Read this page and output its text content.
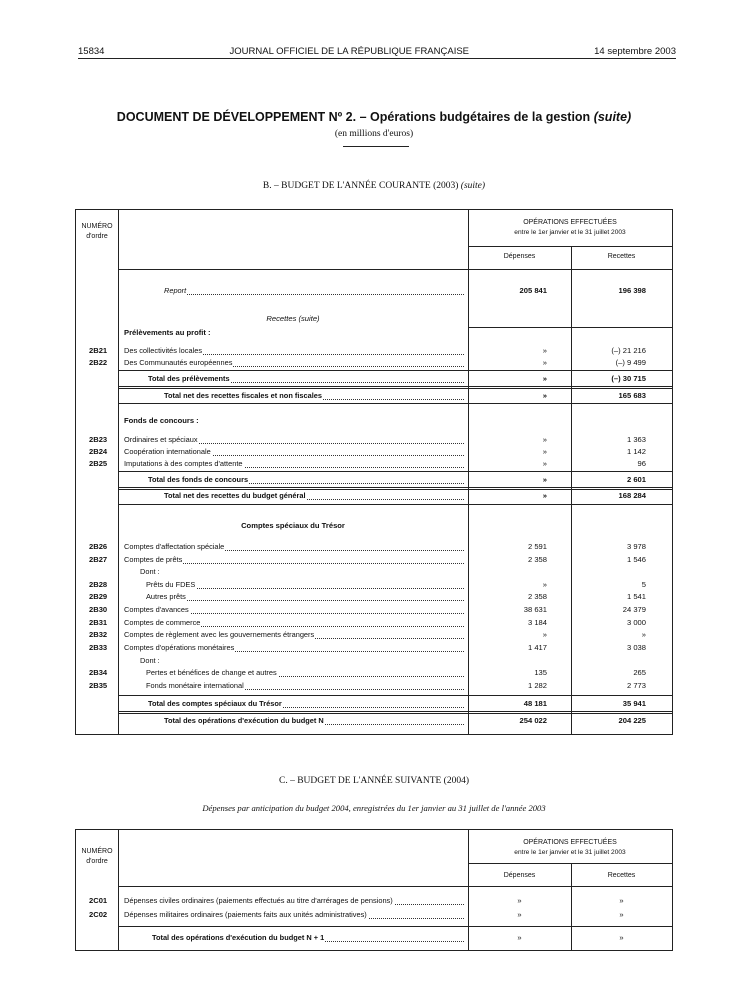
15834	JOURNAL OFFICIEL DE LA RÉPUBLIQUE FRANÇAISE	14 septembre 2003
DOCUMENT DE DÉVELOPPEMENT Nº 2. – Opérations budgétaires de la gestion (suite)
(en millions d'euros)
B. – BUDGET DE L'ANNÉE COURANTE (2003) (suite)
NUMÉRO
d'ordre
OPÉRATIONS EFFECTUÉES
entre le 1er janvier et le 31 juillet 2003
Dépenses	Recettes
Report	205 841	196 398
Recettes (suite)
Prélèvements au profit :
2B21 Des collectivités locales	»	(–) 21 216
2B22 Des Communautés européennes	»	(–) 9 499
Total des prélèvements	»	(–) 30 715
Total net des recettes fiscales et non fiscales	»	165 683
Fonds de concours :
2B23 Ordinaires et spéciaux	»	1 363
2B24 Coopération internationale	»	1 142
2B25 Imputations à des comptes d'attente	»	96
Total des fonds de concours	»	2 601
Total net des recettes du budget général	»	168 284
Comptes spéciaux du Trésor
2B26 Comptes d'affectation spéciale	2 591	3 978
2B27 Comptes de prêts	2 358	1 546
Dont :
2B28	Prêts du FDES	»	5
2B29	Autres prêts	2 358	1 541
2B30 Comptes d'avances	38 631	24 379
2B31 Comptes de commerce	3 184	3 000
2B32 Comptes de règlement avec les gouvernements étrangers	»	»
2B33 Comptes d'opérations monétaires	1 417	3 038
Dont :
2B34	Pertes et bénéfices de change et autres	135	265
2B35	Fonds monétaire international	1 282	2 773
Total des comptes spéciaux du Trésor	48 181	35 941
Total des opérations d'exécution du budget N	254 022	204 225
C. – BUDGET DE L'ANNÉE SUIVANTE (2004)
Dépenses par anticipation du budget 2004, enregistrées du 1er janvier au 31 juillet de l'année 2003
NUMÉRO
d'ordre
OPÉRATIONS EFFECTUÉES
entre le 1er janvier et le 31 juillet 2003
Dépenses	Recettes
2C01 Dépenses civiles ordinaires (paiements effectués au titre d'arrérages de pensions)	»	»
2C02 Dépenses militaires ordinaires (paiements faits aux unités administratives)	»	»
Total des opérations d'exécution du budget N + 1	»	»
